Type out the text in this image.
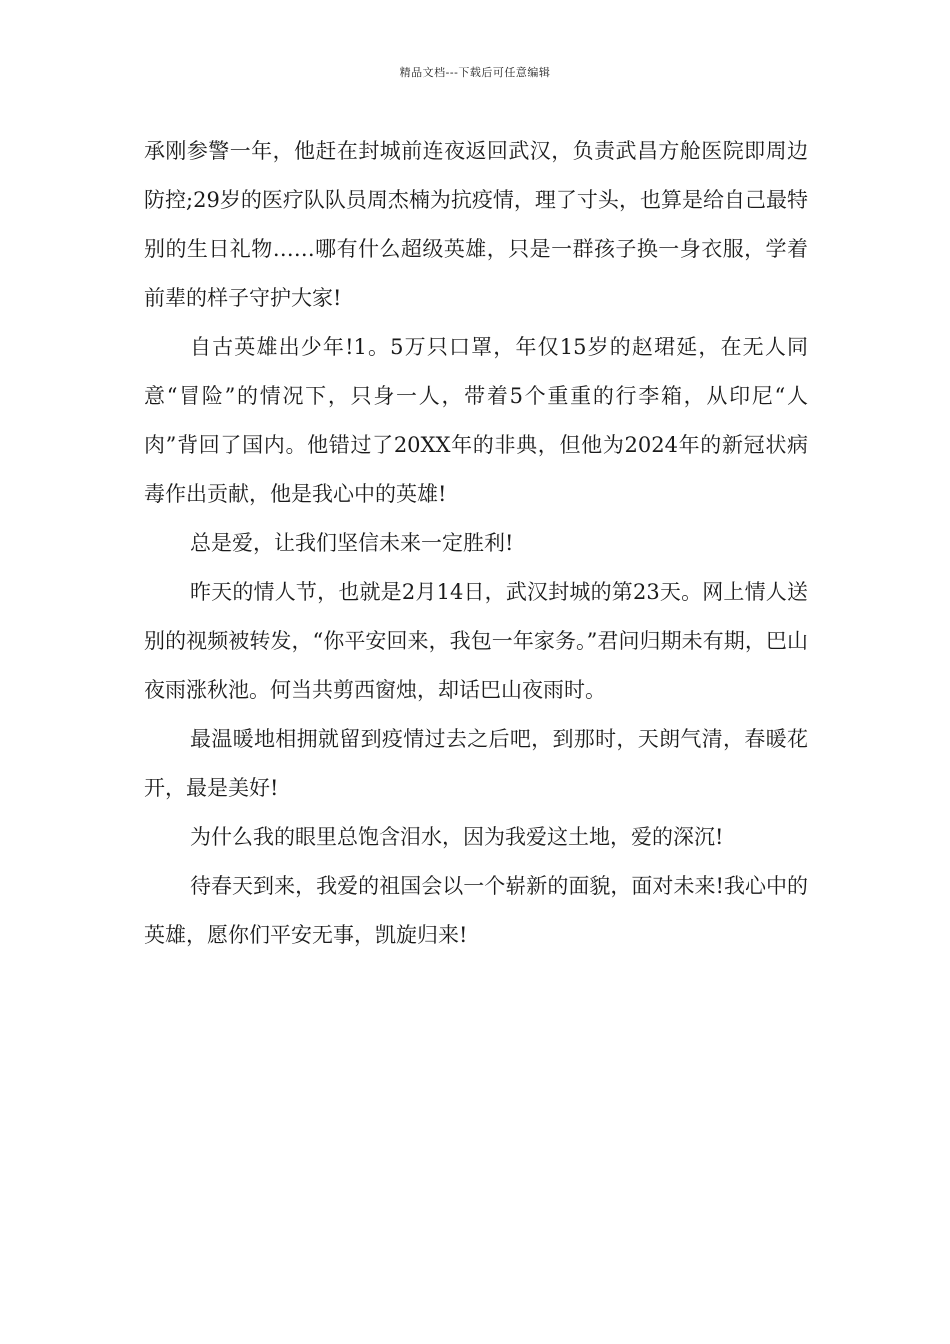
精品文档---下载后可任意编辑

承刚参警一年，他赶在封城前连夜返回武汉，负责武昌方舱医院即周边防控;29岁的医疗队队员周杰楠为抗疫情，理了寸头，也算是给自己最特别的生日礼物……哪有什么超级英雄，只是一群孩子换一身衣服，学着前辈的样子守护大家!

自古英雄出少年!1。5万只口罩，年仅15岁的赵珺延，在无人同意“冒险”的情况下，只身一人，带着5个重重的行李箱，从印尼“人肉”背回了国内。他错过了20XX年的非典，但他为2024年的新冠状病毒作出贡献，他是我心中的英雄!

总是爱，让我们坚信未来一定胜利!

昨天的情人节，也就是2月14日，武汉封城的第23天。网上情人送别的视频被转发，“你平安回来，我包一年家务。”君问归期未有期，巴山夜雨涨秋池。何当共剪西窗烛，却话巴山夜雨时。

最温暖地相拥就留到疫情过去之后吧，到那时，天朗气清，春暖花开，最是美好!

为什么我的眼里总饱含泪水，因为我爱这土地，爱的深沉!

待春天到来，我爱的祖国会以一个崭新的面貌，面对未来!我心中的英雄，愿你们平安无事，凯旋归来!
